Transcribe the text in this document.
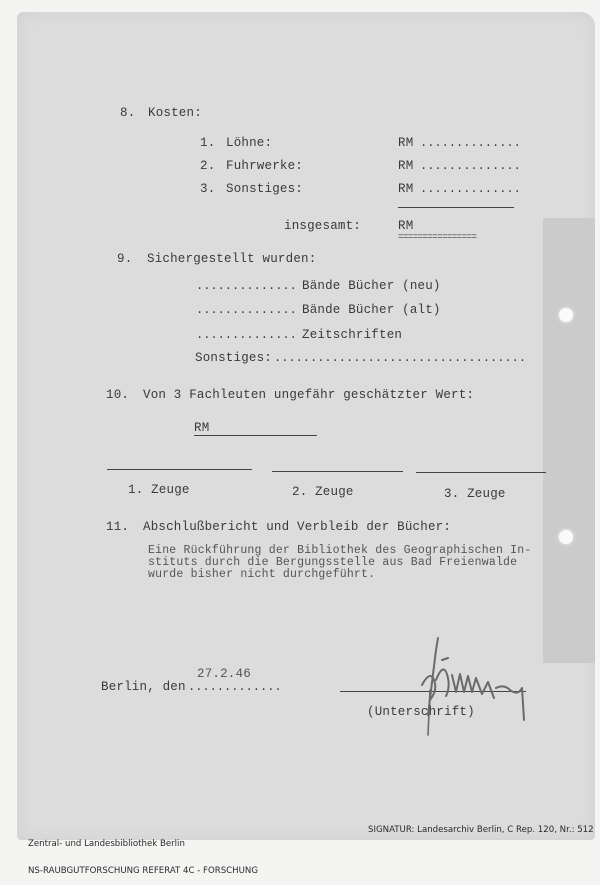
8. Kosten:
1. Löhne:	RM ..............
2. Fuhrwerke:	RM ..............
3. Sonstiges:	RM ..............
insgesamt:	RM
================
9. Sichergestellt wurden:
.............. Bände Bücher (neu)
.............. Bände Bücher (alt)
.............. Zeitschriften
Sonstiges: ...................................
10. Von 3 Fachleuten ungefähr geschätzter Wert:
RM
1. Zeuge	2. Zeuge	3. Zeuge
11. Abschlußbericht und Verbleib der Bücher:
Eine Rückführung der Bibliothek des Geographischen In-
stituts durch die Bergungsstelle aus Bad Freienwalde
wurde bisher nicht durchgeführt.
27.2.46
Berlin, den .............
(Unterschrift)

Zentral- und Landesbibliothek Berlin

NS-RAUBGUTFORSCHUNG REFERAT 4C - FORSCHUNG

SIGNATUR: Landesarchiv Berlin, C Rep. 120, Nr.: 512
